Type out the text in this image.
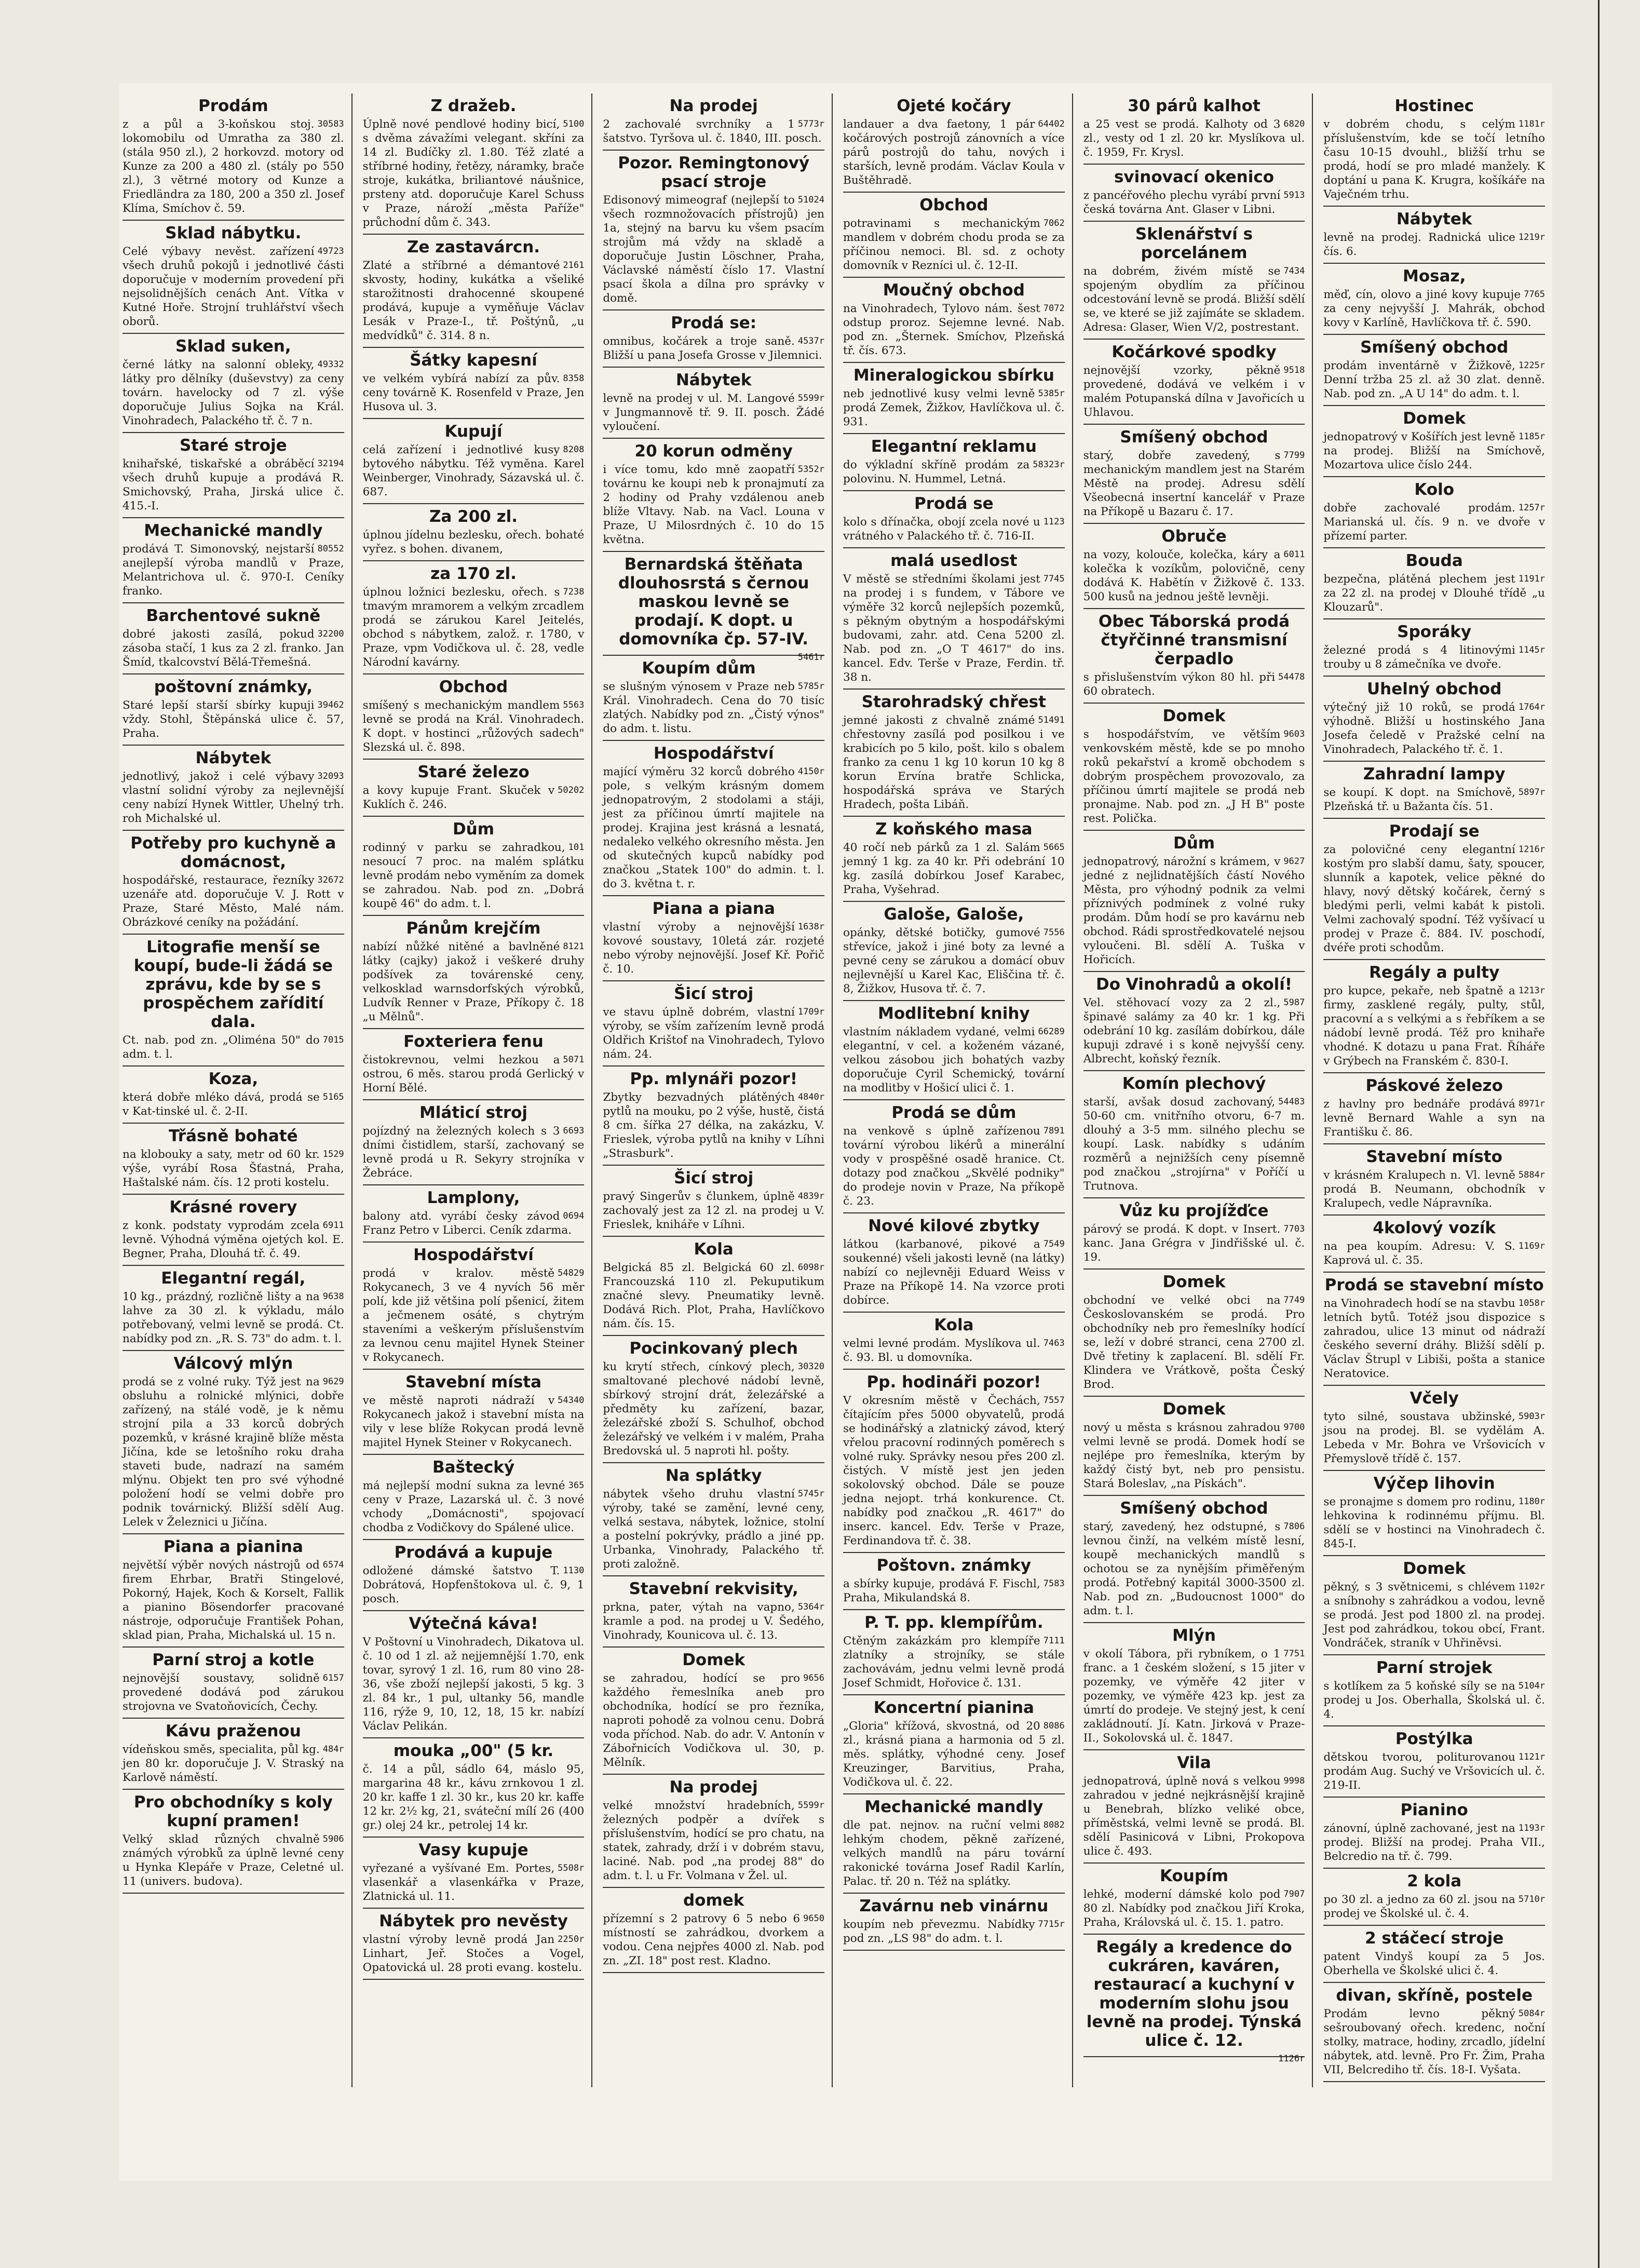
Prodám

30583
z a půl a 3-koňskou stoj. lokomobilu od Umratha za 380 zl. (stála 950 zl.), 2 horkovzd. motory od Kunze za 200 a 480 zl. (stály po 550 zl.), 3 větrné motory od Kunze a Friedländra za 180, 200 a 350 zl. Josef Klíma, Smíchov č. 59.

Sklad nábytku.

49723
Celé výbavy nevěst. zařízení všech druhů pokojů i jednotlivé části doporučuje v moderním provedení při nejsolidnějších cenách Ant. Vítka v Kutné Hoře. Strojní truhlářství všech oborů.

Sklad suken,

49332
černé látky na salonní obleky, látky pro dělníky (duševstvy) za ceny továrn. havelocky od 7 zl. výše doporučuje Julius Sojka na Král. Vinohradech, Palackého tř. č. 7 n.

Staré stroje

32194
knihařské, tiskařské a obráběcí všech druhů kupuje a prodává R. Smichovský, Praha, Jirská ulice č. 415.-I.

Mechanické mandly

80552
prodává T. Simonovský, nejstarší anejlepší výroba mandlů v Praze, Melantrichova ul. č. 970-I. Ceníky franko.

Barchentové sukně

32200
dobré jakosti zasílá, pokud zásoba stačí, 1 kus za 2 zl. franko. Jan Šmíd, tkalcovství Bělá-Třemešná.

poštovní známky,

39462
Staré lepší starší sbírky kupuji vždy. Stohl, Štěpánská ulice č. 57, Praha.

Nábytek

32093
jednotlivý, jakož i celé výbavy vlastní solidní výroby za nejlevnější ceny nabízí Hynek Wittler, Uhelný trh. roh Michalské ul.

Potřeby pro kuchyně a domácnost,

32672
hospodářské, restaurace, řezníky uzenáře atd. doporučuje V. J. Rott v Praze, Staré Město, Malé nám. Obrázkové ceníky na požádání.

Litografie menší se koupí, bude-li žádá se zprávu, kde by se s prospěchem zařídití dala.

7015
Ct. nab. pod zn. „Oliména 50" do adm. t. l.

Koza,

5165
která dobře mléko dává, prodá se v Kat-tinské ul. č. 2-II.

Třásně bohaté

1529
na klobouky a saty, metr od 60 kr. výše, vyrábí Rosa Šťastná, Praha, Haštalské nám. čís. 12 proti kostelu.

Krásné rovery

6911
z konk. podstaty vyprodám zcela levně. Výhodná výměna ojetých kol. E. Begner, Praha, Dlouhá tř. č. 49.

Elegantní regál,

9638
10 kg., prázdný, rozličně lišty a na lahve za 30 zl. k výkladu, málo potřebovaný, velmi levně se prodá. Ct. nabídky pod zn. „R. S. 73" do adm. t. l.

Válcový mlýn

9629
prodá se z volné ruky. Týž jest na obsluhu a rolnické mlýnici, dobře zařízený, na stálé vodě, je k němu strojní pila a 33 korců dobrých pozemků, v krásné krajině blíže města Jičína, kde se letošního roku draha staveti bude, nadrazí na samém mlýnu. Objekt ten pro své výhodné položení hodí se velmi dobře pro podnik továrnický. Bližší sdělí Aug. Lelek v Železnici u Jičína.

Piana a pianina

6574
největší výběr nových nástrojů od firem Ehrbar, Bratři Stingelové, Pokorný, Hajek, Koch & Korselt, Fallik a pianino Bösendorfer pracované nástroje, odporučuje František Pohan, sklad pian, Praha, Michalská ul. 15 n.

Parní stroj a kotle

6157
nejnovější soustavy, solidně provedené dodává pod zárukou strojovna ve Svatoňovicích, Čechy.

Kávu praženou

484r
vídeňskou směs, specialita, půl kg. jen 80 kr. doporučuje J. V. Straský na Karlově náměstí.

Pro obchodníky s koly kupní pramen!

5906
Velký sklad různých chvalně známých výrobků za úplně levné ceny u Hynka Klepáře v Praze, Celetné ul. 11 (univers. budova).

Z dražeb.

5100
Úplně nové pendlové hodiny bicí, s dvěma závažími velegant. skříni za 14 zl. Budíčky zl. 1.80. Též zlaté a stříbrné hodiny, řetězy, náramky, brače stroje, kukátka, briliantové náušnice, prsteny atd. doporučuje Karel Schuss v Praze, nároží „města Paříže" průchodní dům č. 343.

Ze zastavárcn.

2161
Zlaté a stříbrné a démantové skvosty, hodiny, kukátka a všeliké starožitnosti drahocenné skoupené prodává, kupuje a vyměňuje Václav Lesák v Praze-I., tř. Poštýnů, „u medvídků" č. 314. 8 n.

Šátky kapesní

8358
ve velkém vybírá nabízí za pův. ceny továrně K. Rosenfeld v Praze, Jen Husova ul. 3.

Kupují

8208
celá zařízení i jednotlivé kusy bytového nábytku. Též vyměna. Karel Weinberger, Vinohrady, Sázavská ul. č. 687.

Za 200 zl.

úplnou jídelnu bezlesku, ořech. bohaté vyřez. s bohen. divanem,

za 170 zl.

7238
úplnou ložnici bezlesku, ořech. s tmavým mramorem a velkým zrcadlem prodá se zárukou Karel Jeitelés, obchod s nábytkem, založ. r. 1780, v Praze, vpm Vodičkova ul. č. 28, vedle Národní kavárny.

Obchod

5563
smíšený s mechanickým mandlem levně se prodá na Král. Vinohradech. K dopt. v hostinci „růžových sadech" Slezská ul. č. 898.

Staré železo

50202
a kovy kupuje Frant. Skuček v Kuklích č. 246.

Dům

101
rodinný v parku se zahradkou, nesoucí 7 proc. na malém splátku levně prodám nebo vyměním za domek se zahradou. Nab. pod zn. „Dobrá koupě 46" do adm. t. l.

Pánům krejčím

8121
nabízí nůžké nitěné a bavlněné látky (cajky) jakož i veškeré druhy podšívek za továrenské ceny, velkosklad warnsdorfských výrobků, Ludvík Renner v Praze, Příkopy č. 18 „u Mělnů".

Foxteriera fenu

5071
čistokrevnou, velmi hezkou a ostrou, 6 měs. starou prodá Gerlický v Horní Bělé.

Mláticí stroj

6693
pojízdný na železných kolech s 3 dními čistidlem, starší, zachovaný se levně prodá u R. Sekyry strojníka v Žebráce.

Lamplony,

0694
balony atd. vyrábí česky závod Franz Petro v Liberci. Ceník zdarma.

Hospodářství

54829
prodá v kralov. městě Rokycanech, 3 ve 4 nyvích 56 měr polí, kde již většina polí pšenicí, žitem a ječmenem osáté, s chytrým staveními a veškerým příslušenstvím za levnou cenu majitel Hynek Steiner v Rokycanech.

Stavební místa

54340
ve městě naproti nádraží v Rokycanech jakož i stavební místa na vily v lese blíže Rokycan prodá levně majitel Hynek Steiner v Rokycanech.

Baštecký

365
má nejlepší modní sukna za levné ceny v Praze, Lazarská ul. č. 3 nové vchody „Domácnosti", spojovací chodba z Vodičkovy do Spálené ulice.

Prodává a kupuje

1130
odložené dámské šatstvo T. Dobrátová, Hopfenštokova ul. č. 9, 1 posch.

Výtečná káva!

V Poštovní u Vinohradech, Dikatova ul. č. 10 od 1 zl. až nejjemnější 1.70, enk tovar, syrový 1 zl. 16, rum 80 vino 28-36, vše zboží nejlepší jakosti, 5 kg. 3 zl. 84 kr., 1 pul, ultanky 56, mandle 116, rýže 9, 10, 12, 18, 15 kr. nabízí Václav Pelikán.

mouka „00" (5 kr.

č. 14 a půl, sádlo 64, máslo 95, margarina 48 kr., kávu zrnkovou 1 zl. 20 kr. kaffe 1 zl. 30 kr., kus 20 kr. kaffe 12 kr. 2½ kg, 21, sváteční mílí 26 (400 gr.) olej 24 kr., petrolej 14 kr.

Vasy kupuje

5508r
vyřezané a vyšívané Em. Portes, vlasenkář a vlasenkářka v Praze, Zlatnická ul. 11.

Nábytek pro nevěsty

2250r
vlastní výroby levně prodá Jan Linhart, Jeř. Stočes a Vogel, Opatovická ul. 28 proti evang. kostelu.

Na prodej

5773r
2 zachovalé svrchníky a 1 šatstvo. Tyršova ul. č. 1840, III. posch.

Pozor. Remingtonový psací stroje

51024
Edisonový mimeograf (nejlepší to všech rozmnožovacích přístrojů) jen 1a, stejný na barvu ku všem psacím strojům má vždy na skladě a doporučuje Justin Löschner, Praha, Václavské náměstí číslo 17. Vlastní psací škola a dílna pro správky v domě.

Prodá se:

4537r
omnibus, kočárek a troje saně. Bližší u pana Josefa Grosse v Jilemnici.

Nábytek

5599r
levně na prodej v ul. M. Langové v Jungmannově tř. 9. II. posch. Žádé vyloučení.

20 korun odměny

5352r
i více tomu, kdo mně zaopatří továrnu ke koupi neb k pronajmutí za 2 hodiny od Prahy vzdálenou aneb blíže Vltavy. Nab. na Vacl. Louna v Praze, U Milosrdných č. 10 do 15 května.

Bernardská štěňata dlouhosrstá s černou maskou levně se prodají. K dopt. u domovníka čp. 57-IV.

5461r

Koupím dům

5785r
se slušným výnosem v Praze neb Král. Vinohradech. Cena do 70 tisíc zlatých. Nabídky pod zn. „Čistý výnos" do adm. t. listu.

Hospodářství

4150r
mající výměru 32 korců dobrého pole, s velkým krásným domem jednopatrovým, 2 stodolami a stáji, jest za příčinou úmrtí majitele na prodej. Krajina jest krásná a lesnatá, nedaleko velkého okresního města. Jen od skutečných kupců nabídky pod značkou „Statek 100" do admin. t. l. do 3. května t. r.

Piana a piana

1638r
vlastní výroby a nejnovější kovové soustavy, 10letá zár. rozjeté nebo výroby nejnovější. Josef Kř. Pořič č. 10.

Šicí stroj

1709r
ve stavu úplně dobrém, vlastní výroby, se vším zařízením levně prodá Oldřich Krištof na Vinohradech, Tylovo nám. 24.

Pp. mlynáři pozor!

4840r
Zbytky bezvadných plátěných pytlů na mouku, po 2 výše, hustě, čistá 8 cm. šířka 27 délka, na zakázku, V. Frieslek, výroba pytlů na knihy v Líhni „Strasburk".

Šicí stroj

4839r
pravý Singerův s člunkem, úplně zachovalý jest za 12 zl. na prodej u V. Frieslek, kniháře v Líhni.

Kola

6098r
Belgická 85 zl. Belgická 60 zl. Francouzská 110 zl. Pekuputikum značné slevy. Pneumatiky levně. Dodává Rich. Plot, Praha, Havlíčkovo nám. čís. 15.

Pocinkovaný plech

30320
ku krytí střech, cínkový plech, smaltované plechové nádobí levně, sbírkový strojní drát, železářské a předměty ku zařízení, bazar, železářské zboží S. Schulhof, obchod železářský ve velkém i v malém, Praha Bredovská ul. 5 naproti hl. pošty.

Na splátky

5745r
nábytek všeho druhu vlastní výroby, také se zamění, levné ceny, velká sestava, nábytek, ložnice, stolní a postelní pokrývky, prádlo a jiné pp. Urbanka, Vinohrady, Palackého tř. proti založně.

Stavební rekvisity,

5364r
prkna, pater, výtah na vapno, kramle a pod. na prodej u V. Šedého, Vinohrady, Kounicova ul. č. 13.

Domek

9656
se zahradou, hodící se pro každého řemeslníka aneb pro obchodníka, hodící se pro řezníka, naproti pohodě za volnou cenu. Dobrá voda příchod. Nab. do adr. V. Antonín v Zábořnicích Vodičkova ul. 30, p. Mělník.

Na prodej

5599r
velké množství hradebních, železných podpěr a dvířek s příslušenstvím, hodící se pro chatu, na statek, zahrady, drží i v dobrém stavu, laciné. Nab. pod „na prodej 88" do adm. t. l. u Fr. Volmana v Žel. ul.

domek

9650
přízemní s 2 patrovy 6 5 nebo 6 místností se zahrádkou, dvorkem a vodou. Cena nejpřes 4000 zl. Nab. pod zn. „ZI. 18" post rest. Kladno.

Ojeté kočáry

64402
landauer a dva faetony, 1 pár kočárových postrojů zánovních a více párů postrojů do tahu, nových i starších, levně prodám. Václav Koula v Buštěhradě.

Obchod

7062
potravinami s mechanickým mandlem v dobrém chodu proda se za příčinou nemoci. Bl. sd. z ochoty domovník v Rezníci ul. č. 12-II.

Moučný obchod

7072
na Vinohradech, Tylovo nám. šest odstup proroz. Sejemne levné. Nab. pod zn. „Šternek. Smíchov, Plzeňská tř. čís. 673.

Mineralogickou sbírku

5385r
neb jednotlivé kusy velmi levně prodá Zemek, Žižkov, Havlíčkova ul. č. 931.

Elegantní reklamu

58323r
do výkladní skříně prodám za polovinu. N. Hummel, Letná.

Prodá se

1123
kolo s dřínačka, obojí zcela nové u vrátného v Palackého tř. č. 716-II.

malá usedlost

7745
V městě se středními školami jest na prodej i s fundem, v Tábore ve výměře 32 korců nejlepších pozemků, s pěkným obytným a hospodářskými budovami, zahr. atd. Cena 5200 zl. Nab. pod zn. „O T 4617" do ins. kancel. Edv. Terše v Praze, Ferdin. tř. 38 n.

Starohradský chřest

51491
jemné jakosti z chvalně známé chřestovny zasílá pod posilkou i ve krabicích po 5 kilo, pošt. kilo s obalem franko za cenu 1 kg 10 korun 10 kg 8 korun Ervína bratře Schlicka, hospodářská správa ve Starých Hradech, pošta Libáň.

Z koňského masa

5665
40 ročí neb párků za 1 zl. Salám jemný 1 kg. za 40 kr. Při odebrání 10 kg. zasílá dobírkou Josef Karabec, Praha, Vyšehrad.

Galoše, Galoše,

7556
opánky, dětské botičky, gumové střevíce, jakož i jiné boty za levné a pevné ceny se zárukou a domácí obuv nejlevnější u Karel Kac, Eliščina tř. č. 8, Žižkov, Husova tř. č. 7.

Modlitební knihy

66289
vlastním nákladem vydané, velmi elegantní, v cel. a koženém vázané, velkou zásobou jich bohatých vazby doporučuje Cyril Schemický, tovární na modlitby v Hošicí ulici č. 1.

Prodá se dům

7891
na venkově s úplně zařízenou tovární výrobou likérů a minerální vody v prospěšné osadě hranice. Ct. dotazy pod značkou „Skvělé podniky" do prodeje novin v Praze, Na příkopě č. 23.

Nové kilové zbytky

7549
látkou (karbanové, pikové a soukenné) všeli jakosti levně (na látky) nabízí co nejlevněji Eduard Weiss v Praze na Příkopě 14. Na vzorce proti dobírce.

Kola

7463
velmi levné prodám. Myslíkova ul. č. 93. Bl. u domovníka.

Pp. hodináři pozor!

7557
V okresním městě v Čechách, čítajícím přes 5000 obyvatelů, prodá se hodinářský a zlatnický závod, který vřelou pracovní rodinných poměrech s volné ruky. Správky nesou přes 200 zl. čistých. V místě jest jen jeden sokolovský obchod. Dále se pouze jedna nejopt. trhá konkurence. Ct. nabídky pod značkou „R. 4617" do inserc. kancel. Edv. Terše v Praze, Ferdinandova tř. č. 38.

Poštovn. známky

7583
a sbírky kupuje, prodává F. Fischl, Praha, Mikulandská 8.

P. T. pp. klempířům.

7111
Ctěným zakázkám pro klempíře zlatníky a strojníky, se stále zachovávám, jednu velmi levně prodá Josef Schmidt, Hořovice č. 131.

Koncertní pianina

8086
„Gloria" křížová, skvostná, od 20 zl., krásná piana a harmonia od 5 zl. měs. splátky, výhodné ceny. Josef Kreuzinger, Barvitius, Praha, Vodičkova ul. č. 22.

Mechanické mandly

8082
dle pat. nejnov. na ruční velmi lehkým chodem, pěkně zařízené, velkých mandlů na páru tovární rakonické továrna Josef Radil Karlín, Palac. tř. 20 n. Též na splátky.

Zavárnu neb vinárnu

7715r
koupím neb převezmu. Nabídky pod zn. „LS 98" do adm. t. l.

30 párů kalhot

6820
a 25 vest se prodá. Kalhoty od 3 zl., vesty od 1 zl. 20 kr. Myslíkova ul. č. 1959, Fr. Krysl.

svinovací okenico

5913
z pancéřového plechu vyrábí první česká továrna Ant. Glaser v Libni.

Sklenářství s porcelánem

7434
na dobrém, živém místě se spojeným obydlím za příčinou odcestování levně se prodá. Bližší sdělí se, ve které se již zajímáte se skladem. Adresa: Glaser, Wien V/2, postrestant.

Kočárkové spodky

9518
nejnovější vzorky, pěkně provedené, dodává ve velkém i v malém Potupanská dílna v Javořicích u Uhlavou.

Smíšený obchod

7799
starý, dobře zavedený, s mechanickým mandlem jest na Starém Městě na prodej. Adresu sdělí Všeobecná insertní kancelář v Praze na Příkopě u Bazaru č. 17.

Obruče

6011
na vozy, kolouče, kolečka, káry a kolečka k vozíkům, polovičně, ceny dodává K. Habětín v Žižkově č. 133. 500 kusů na jednou ještě levněji.

Obec Táborská prodá čtyřčinné transmisní čerpadlo

54478
s přislušenstvím výkon 80 hl. při 60 obratech.

Domek

9603
s hospodářstvím, ve větším venkovském městě, kde se po mnoho roků pekařství a kromě obchodem s dobrým prospěchem provozovalo, za příčinou úmrtí majitele se prodá neb pronajme. Nab. pod zn. „J H B" poste rest. Polička.

Dům

9627
jednopatrový, nárožní s krámem, v jedné z nejlidnatějších částí Nového Města, pro výhodný podnik za velmi příznivých podmínek z volné ruky prodám. Dům hodí se pro kavárnu neb obchod. Rádi sprostředkovatelé nejsou vyloučeni. Bl. sdělí A. Tuška v Hořicích.

Do Vinohradů a okolí!

5987
Vel. stěhovací vozy za 2 zl., špinavé salámy za 40 kr. 1 kg. Při odebrání 10 kg. zasílám dobírkou, dále kupuji zdravé i s koně nejvyšší ceny. Albrecht, koňský řezník.

Komín plechový

54483
starší, avšak dosud zachovaný, 50-60 cm. vnitřního otvoru, 6-7 m. dlouhý a 3-5 mm. silného plechu se koupí. Lask. nabídky s udáním rozměrů a nejnižších ceny písemně pod značkou „strojírna" v Poříčí u Trutnova.

Vůz ku projížďce

7703
párový se prodá. K dopt. v Insert. kanc. Jana Grégra v Jindřišské ul. č. 19.

Domek

7749
obchodní ve velké obci na Českoslovanském se prodá. Pro obchodníky neb pro řemeslníky hodící se, leží v dobré stranci, cena 2700 zl. Dvě třetiny k zaplacení. Bl. sdělí Fr. Klindera ve Vrátkově, pošta Český Brod.

Domek

9700
nový u města s krásnou zahradou velmi levně se prodá. Domek hodí se nejlépe pro řemeslníka, kterým by každý čistý byt, neb pro pensistu. Stará Boleslav, „na Pískách".

Smíšený obchod

7806
starý, zavedený, hez odstupné, s levnou činží, na velkém místě lesní, koupě mechanických mandlů s ochotou se za nynějším přiměřeným prodá. Potřebný kapitál 3000-3500 zl. Nab. pod zn. „Budoucnost 1000" do adm. t. l.

Mlýn

7751
v okolí Tábora, při rybníkem, o 1 franc. a 1 českém složení, s 15 jiter v pozemky, ve výměře 42 jiter v pozemky, ve výměře 423 kp. jest za úmrtí do prodeje. Ve stejný jest, k cení zakládnoutí. Jí. Katn. Jirková v Praze-II., Sokolovská ul. č. 1847.

Vila

9998
jednopatrová, úplně nová s velkou zahradou v jedné nejkrásnější krajině u Benebrah, blízko veliké obce, příměstská, velmi levně se prodá. Bl. sdělí Pasinicová v Libni, Prokopova ulice č. 493.

Koupím

7907
lehké, moderní dámské kolo pod 80 zl. Nabídky pod značkou Jiří Kroka, Praha, Královská ul. č. 15. 1. patro.

Regály a kredence do cukráren, kaváren, restaurací a kuchyní v moderním slohu jsou levně na prodej. Týnská ulice č. 12.

1126r

Hostinec

1181r
v dobrém chodu, s celým příslušenstvím, kde se točí letního času 10-15 dvouhl., bližší trhu se prodá, hodí se pro mladé manžely. K doptání u pana K. Krugra, košíkáře na Vaječném trhu.

Nábytek

1219r
levně na prodej. Radnická ulice čís. 6.

Mosaz,

7765
měď, cín, olovo a jiné kovy kupuje za ceny nejvyšší J. Mahrák, obchod kovy v Karlíně, Havlíčkova tř. č. 590.

Smíšený obchod

1225r
prodám inventárně v Žižkově, Denní tržba 25 zl. až 30 zlat. denně. Nab. pod zn. „A U 14" do adm. t. l.

Domek

1185r
jednopatrový v Košířích jest levně na prodej. Bližší na Smíchově, Mozartova ulice číslo 244.

Kolo

1257r
dobře zachovalé prodám. Marianská ul. čís. 9 n. ve dvoře v přízemí parter.

Bouda

1191r
bezpečna, plátěná plechem jest za 22 zl. na prodej v Dlouhé třídě „u Klouzarů".

Sporáky

1145r
železné prodá s 4 litinovými trouby u 8 zámečníka ve dvoře.

Uhelný obchod

1764r
výtečný již 10 roků, se prodá výhodně. Bližší u hostinského Jana Josefa čeledě v Pražské celní na Vinohradech, Palackého tř. č. 1.

Zahradní lampy

5897r
se koupí. K dopt. na Smíchově, Plzeňská tř. u Bažanta čís. 51.

Prodají se

1216r
za polovičné ceny elegantní kostým pro slabší damu, šaty, spoucer, slunník a kapotek, velice pěkné do hlavy, nový dětský kočárek, černý s bledými perli, velmi kabát k pistoli. Velmi zachovalý spodní. Též vyšívací u prodej v Praze č. 884. IV. poschodí, dvéře proti schodům.

Regály a pulty

1213r
pro kupce, pekaře, neb špatně a firmy, zasklené regály, pulty, stůl, pracovní a s velkými a s řebříkem a se nádobí levně prodá. Též pro knihaře vhodné. K dotazu u pana Frat. Říháře v Grýbech na Franském č. 830-I.

Páskové železo

8971r
z havlny pro bednáře prodává levně Bernard Wahle a syn na Františku č. 86.

Stavební místo

5884r
v krásném Kralupech n. Vl. levně prodá B. Neumann, obchodník v Kralupech, vedle Nápravníka.

4kolový vozík

1169r
na pea koupím. Adresu: V. S. Kaprová ul. č. 35.

Prodá se stavební místo

1058r
na Vinohradech hodí se na stavbu letních bytů. Totéž jsou dispozice s zahradou, ulice 13 minut od nádraží českého severní dráhy. Bližší sdělí p. Václav Štrupl v Libiši, pošta a stanice Neratovice.

Včely

5903r
tyto silné, soustava ubžinské, jsou na prodej. Bl. se vydělám A. Lebeda v Mr. Bohra ve Vršovicích v Přemyslově třídě č. 157.

Výčep lihovin

1180r
se pronajme s domem pro rodinu, lehkovina k rodinnému příjmu. Bl. sdělí se v hostinci na Vinohradech č. 845-I.

Domek

1102r
pěkný, s 3 světnicemi, s chlévem a sníbnohy s zahrádkou a vodou, levně se prodá. Jest pod 1800 zl. na prodej. Jest pod zahrádkou, tokou obcí, Frant. Vondráček, straník v Uhřiněvsi.

Parní strojek

5104r
s kotlíkem za 5 koňské síly se na prodej u Jos. Oberhalla, Školská ul. č. 4.

Postýlka

1121r
dětskou tvorou, politurovanou prodám Aug. Suchý ve Vršovicích ul. č. 219-II.

Pianino

1193r
zánovní, úplně zachované, jest na prodej. Bližší na prodej. Praha VII., Belcredio na tř. č. 799.

2 kola

5710r
po 30 zl. a jedno za 60 zl. jsou na prodej ve Školské ul. č. 4.

2 stáčecí stroje

patent Vindyš koupí za 5 Jos. Oberhella ve Školské ulici č. 4.

divan, skříně, postele

5084r
Prodám levno pěkný sešroubovaný ořech. kredenc, noční stolky, matrace, hodiny, zrcadlo, jídelní nábytek, atd. levně. Pro Fr. Žim, Praha VII, Belcrediho tř. čís. 18-I. Vyšata.
